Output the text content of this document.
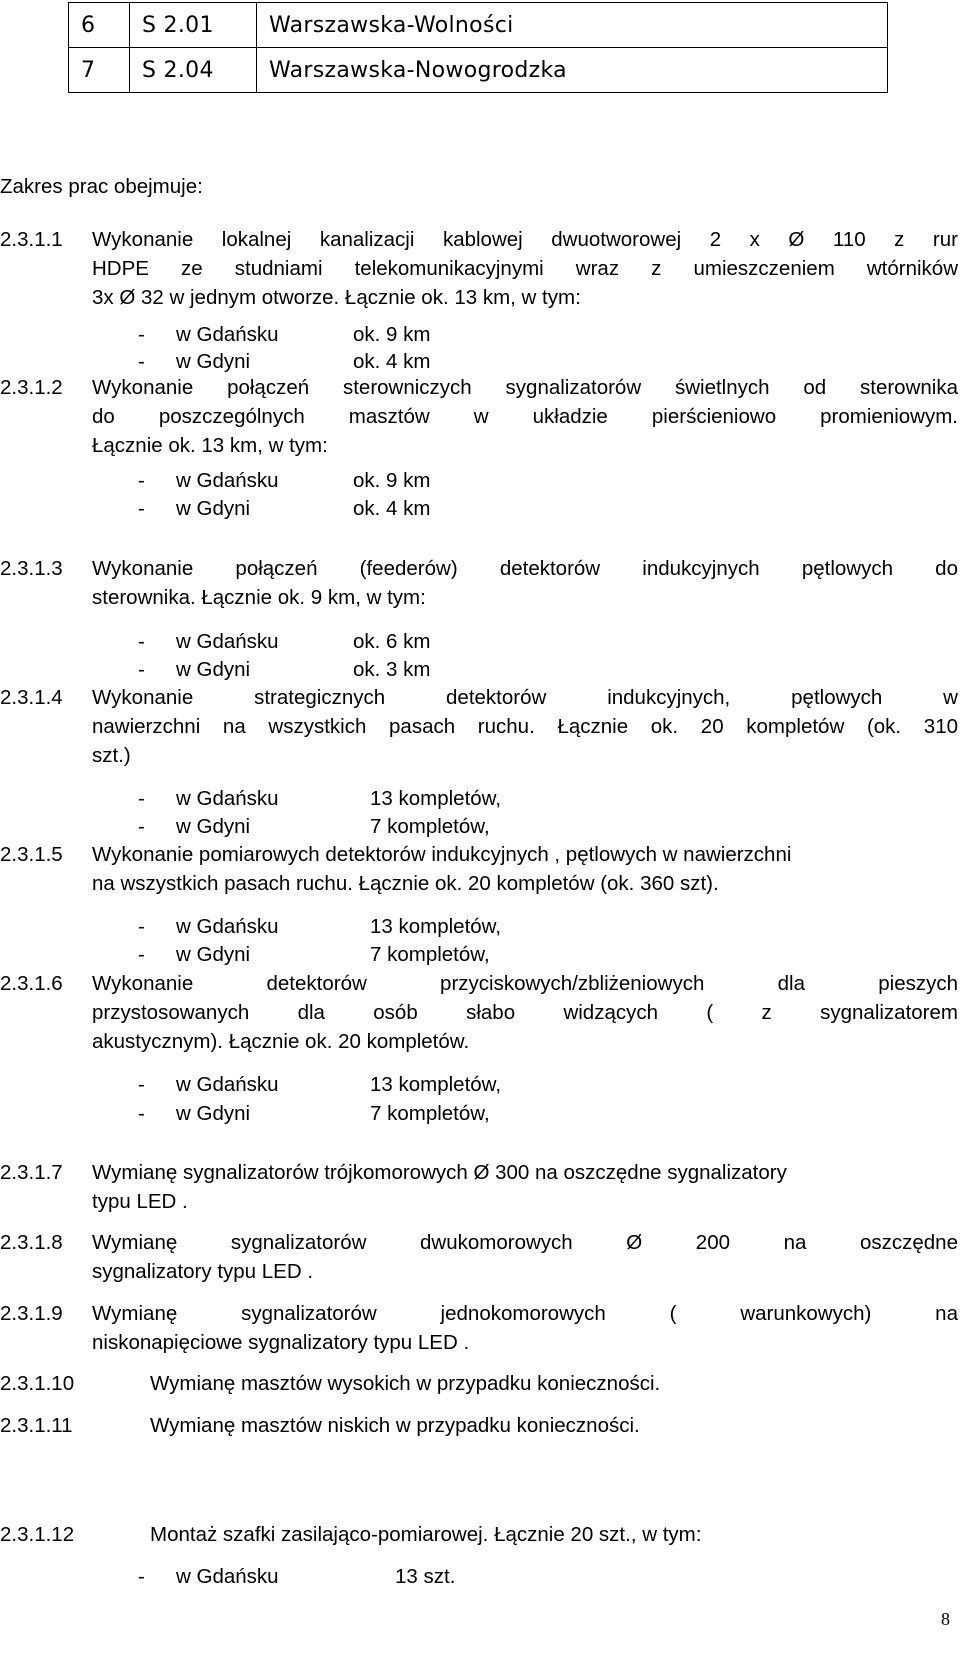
6	S 2.01	Warszawska-Wolności
7	S 2.04	Warszawska-Nowogrodzka
Zakres prac obejmuje:
2.3.1.1 Wykonanie lokalnej kanalizacji kablowej dwuotworowej 2 x Ø 110 z rur
HDPE ze studniami telekomunikacyjnymi wraz z umieszczeniem wtórników
3x Ø 32 w jednym otworze. Łącznie ok. 13 km, w tym:
- w Gdańsku	ok. 9 km
- w Gdyni	ok. 4 km
2.3.1.2 Wykonanie połączeń sterowniczych sygnalizatorów świetlnych od sterownika
do poszczególnych masztów w układzie pierścieniowo promieniowym.
Łącznie ok. 13 km, w tym:
- w Gdańsku	ok. 9 km
- w Gdyni	ok. 4 km
2.3.1.3 Wykonanie połączeń (feederów) detektorów indukcyjnych pętlowych do
sterownika. Łącznie ok. 9 km, w tym:
- w Gdańsku	ok. 6 km
- w Gdyni	ok. 3 km
2.3.1.4 Wykonanie strategicznych detektorów indukcyjnych, pętlowych w
nawierzchni na wszystkich pasach ruchu. Łącznie ok. 20 kompletów (ok. 310
szt.)
- w Gdańsku	13 kompletów,
- w Gdyni	7 kompletów,
2.3.1.5 Wykonanie pomiarowych detektorów indukcyjnych , pętlowych w nawierzchni
na wszystkich pasach ruchu. Łącznie ok. 20 kompletów (ok. 360 szt).
- w Gdańsku	13 kompletów,
- w Gdyni	7 kompletów,
2.3.1.6 Wykonanie detektorów przyciskowych/zbliżeniowych dla pieszych
przystosowanych dla osób słabo widzących ( z sygnalizatorem
akustycznym). Łącznie ok. 20 kompletów.
- w Gdańsku	13 kompletów,
- w Gdyni	7 kompletów,
2.3.1.7 Wymianę sygnalizatorów trójkomorowych Ø 300 na oszczędne sygnalizatory
typu LED .
2.3.1.8 Wymianę sygnalizatorów dwukomorowych Ø 200 na oszczędne
sygnalizatory typu LED .
2.3.1.9 Wymianę sygnalizatorów jednokomorowych ( warunkowych) na
niskonapięciowe sygnalizatory typu LED .
2.3.1.10	Wymianę masztów wysokich w przypadku konieczności.
2.3.1.11	Wymianę masztów niskich w przypadku konieczności.
2.3.1.12	Montaż szafki zasilająco-pomiarowej. Łącznie 20 szt., w tym:
- w Gdańsku	13 szt.
8
